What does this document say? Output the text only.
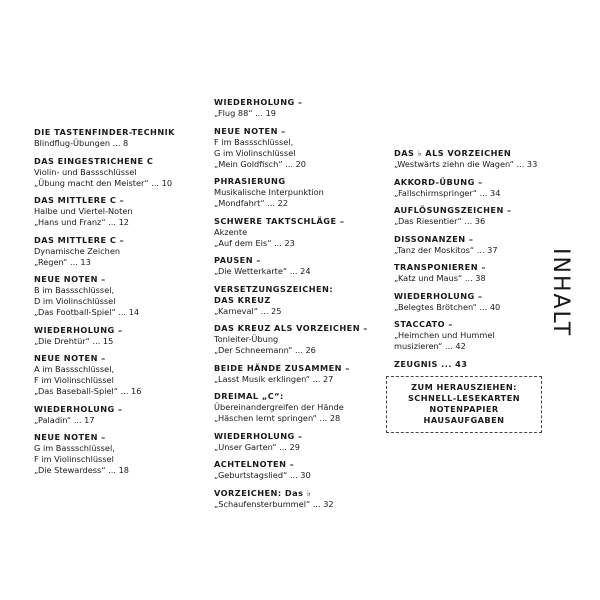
DIE TASTENFINDER-TECHNIK
Blindflug-Übungen ... 8
DAS EINGESTRICHENE C
Violin- und Bassschlüssel
„Übung macht den Meister“ ... 10
DAS MITTLERE C –
Halbe und Viertel-Noten
„Hans und Franz“ ... 12
DAS MITTLERE C –
Dynamische Zeichen
„Regen“ ... 13
NEUE NOTEN –
B im Bassschlüssel,
D im Violinschlüssel
„Das Football-Spiel“ ... 14
WIEDERHOLUNG –
„Die Drehtür“ ... 15
NEUE NOTEN –
A im Bassschlüssel,
F im Violinschlüssel
„Das Baseball-Spiel“ ... 16
WIEDERHOLUNG –
„Paladin“ ... 17
NEUE NOTEN –
G im Bassschlüssel,
F im Violinschlüssel
„Die Stewardess“ ... 18
WIEDERHOLUNG –
„Flug 88“ ... 19
NEUE NOTEN –
F im Bassschlüssel,
G im Violinschlüssel
„Mein Goldfisch“ ... 20
PHRASIERUNG
Musikalische Interpunktion
„Mondfahrt“ ... 22
SCHWERE TAKTSCHLÄGE –
Akzente
„Auf dem Eis“ ... 23
PAUSEN –
„Die Wetterkarte“ ... 24
VERSETZUNGSZEICHEN:
DAS KREUZ
„Karneval“ ... 25
DAS KREUZ ALS VORZEICHEN –
Tonleiter-Übung
„Der Schneemann“ ... 26
BEIDE HÄNDE ZUSAMMEN –
„Lasst Musik erklingen“ ... 27
DREIMAL „C“:
Übereinandergreifen der Hände
„Häschen lernt springen“ ... 28
WIEDERHOLUNG –
„Unser Garten“ ... 29
ACHTELNOTEN –
„Geburtstagslied“ ... 30
VORZEICHEN: Das ♭
„Schaufensterbummel“ ... 32
DAS ♭ ALS VORZEICHEN
„Westwärts ziehn die Wagen“ ... 33
AKKORD-ÜBUNG –
„Fallschirmspringer“ ... 34
AUFLÖSUNGSZEICHEN –
„Das Riesentier“ ... 36
DISSONANZEN –
„Tanz der Moskitos“ ... 37
TRANSPONIEREN –
„Katz und Maus“ ... 38
WIEDERHOLUNG –
„Belegtes Brötchen“ ... 40
STACCATO –
„Heimchen und Hummel
musizieren“ ... 42
ZEUGNIS ... 43
ZUM HERAUSZIEHEN:
SCHNELL-LESEKARTEN
NOTENPAPIER
HAUSAUFGABEN
INHALT
